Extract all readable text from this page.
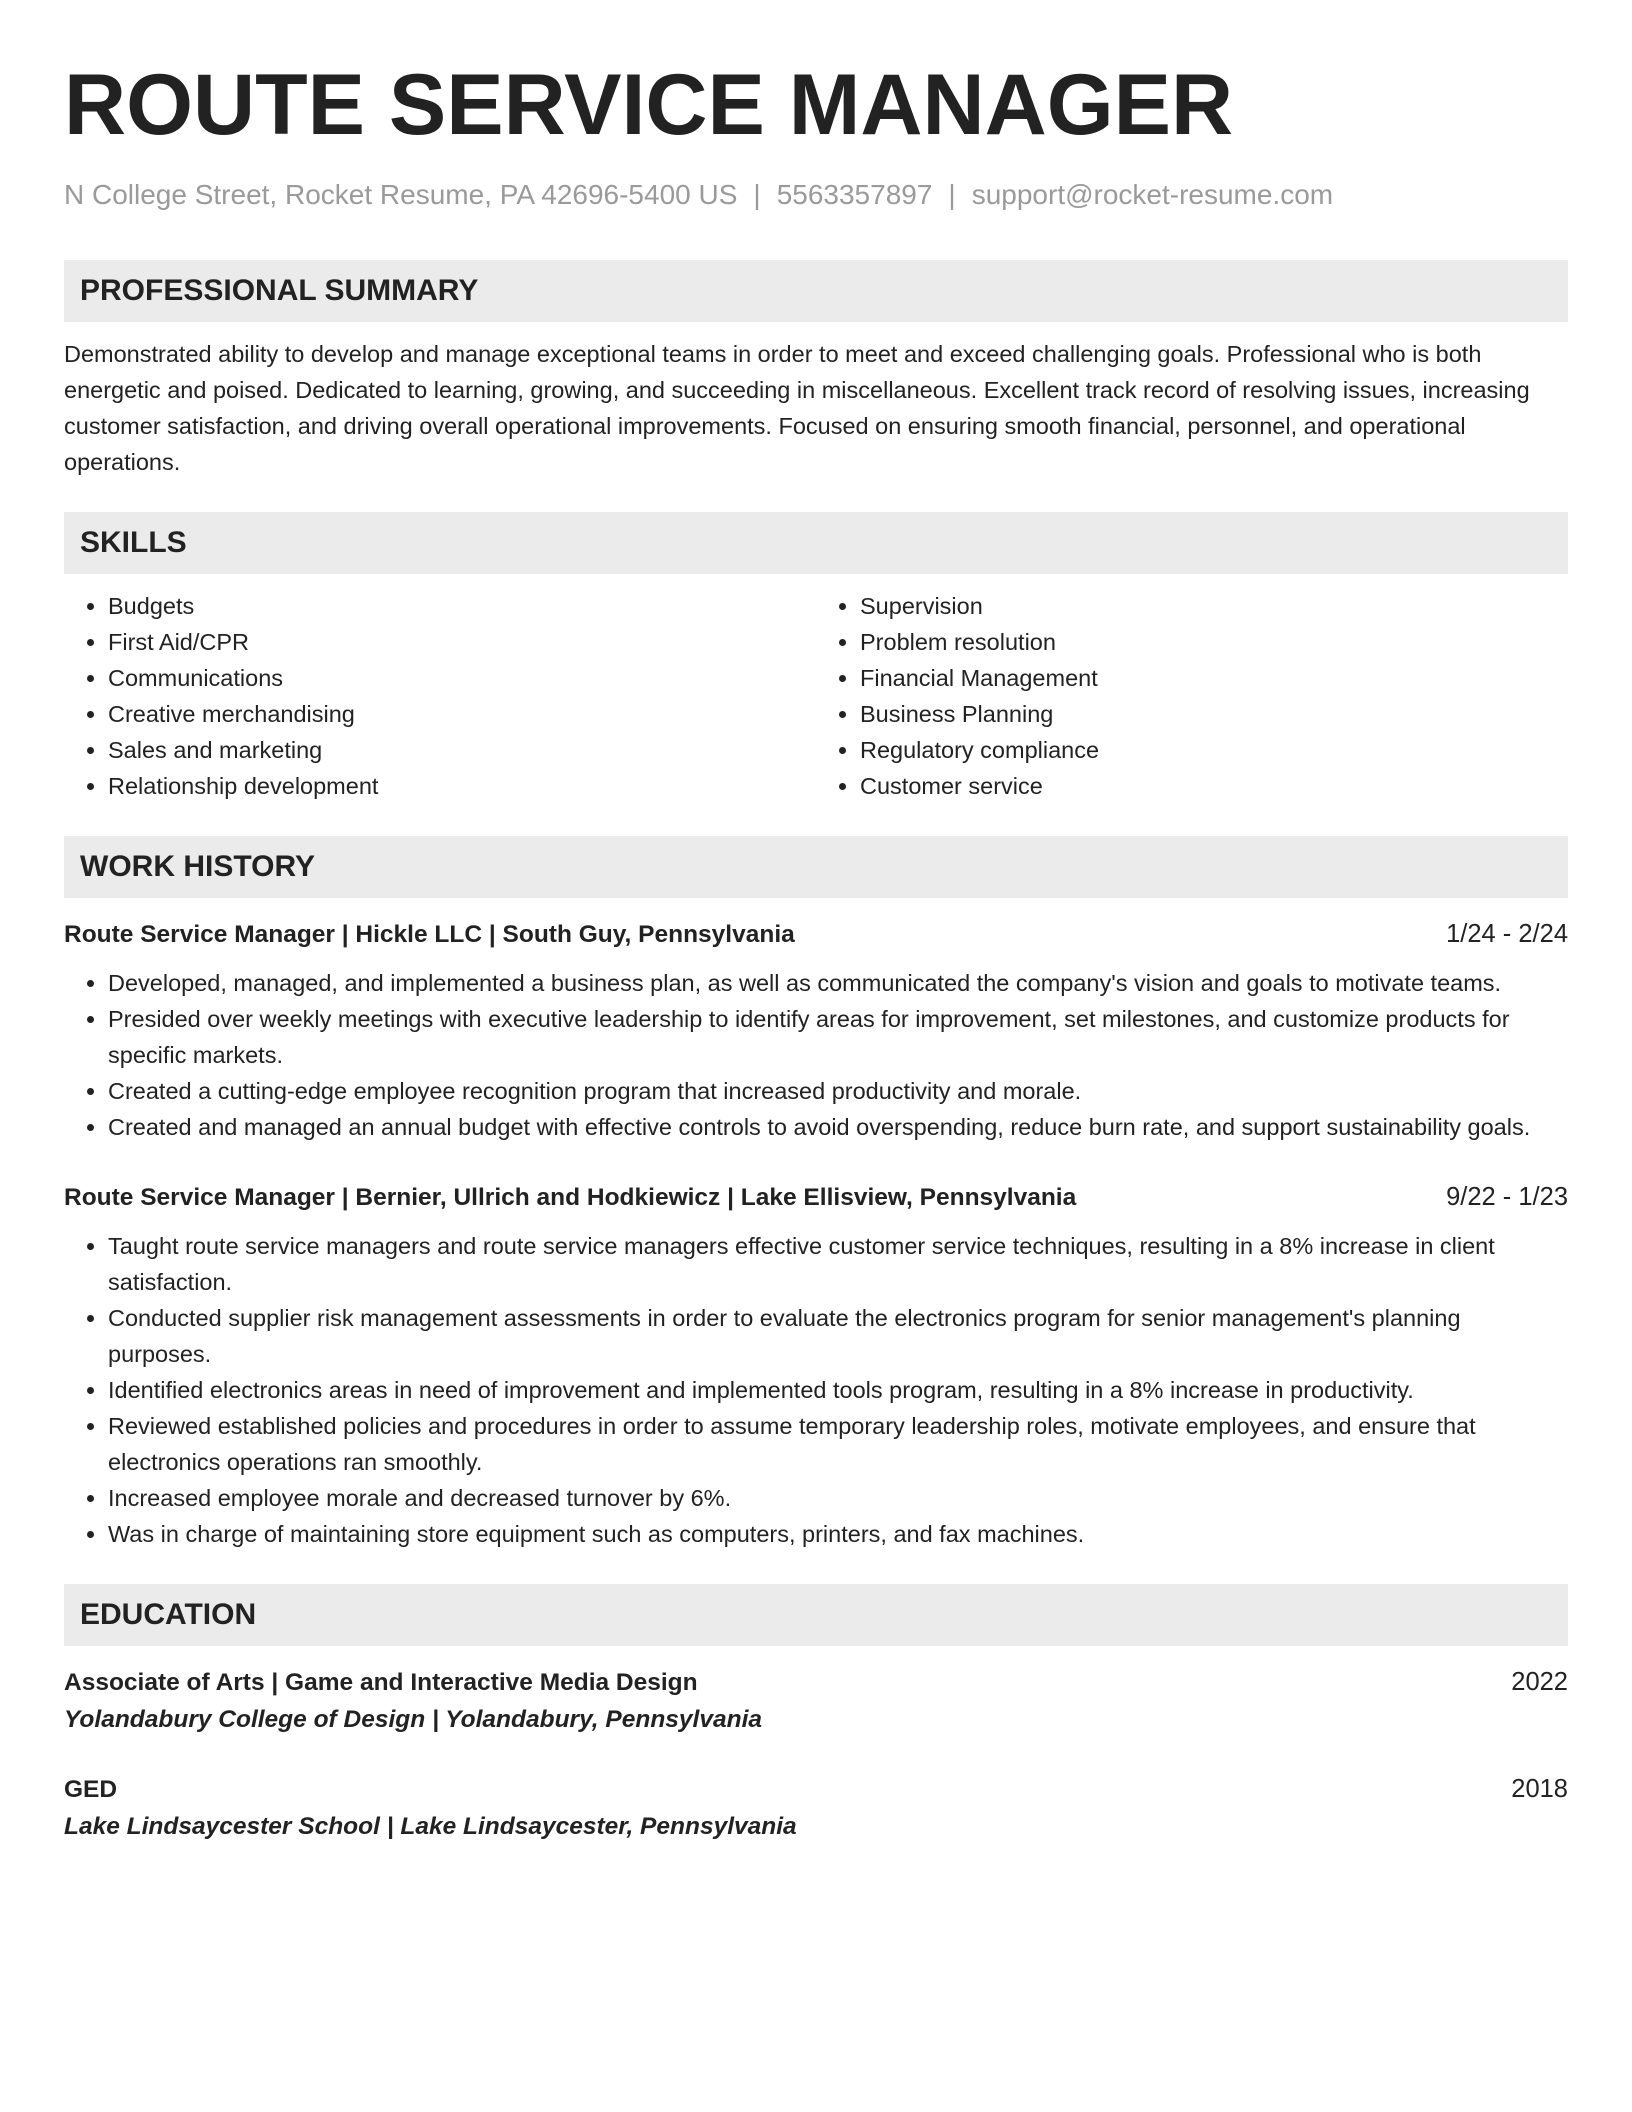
ROUTE SERVICE MANAGER
N College Street, Rocket Resume, PA 42696-5400 US | 5563357897 | support@rocket-resume.com
PROFESSIONAL SUMMARY

Demonstrated ability to develop and manage exceptional teams in order to meet and exceed challenging goals. Professional who is both energetic and poised. Dedicated to learning, growing, and succeeding in miscellaneous. Excellent track record of resolving issues, increasing customer satisfaction, and driving overall operational improvements. Focused on ensuring smooth financial, personnel, and operational operations.

SKILLS
• Budgets
• First Aid/CPR
• Communications
• Creative merchandising
• Sales and marketing
• Relationship development
• Supervision
• Problem resolution
• Financial Management
• Business Planning
• Regulatory compliance
• Customer service
WORK HISTORY
Route Service Manager | Hickle LLC | South Guy, Pennsylvania	1/24 - 2/24
• Developed, managed, and implemented a business plan, as well as communicated the company's vision and goals to motivate teams.
• Presided over weekly meetings with executive leadership to identify areas for improvement, set milestones, and customize products for specific markets.
• Created a cutting-edge employee recognition program that increased productivity and morale.
• Created and managed an annual budget with effective controls to avoid overspending, reduce burn rate, and support sustainability goals.
Route Service Manager | Bernier, Ullrich and Hodkiewicz | Lake Ellisview, Pennsylvania	9/22 - 1/23
• Taught route service managers and route service managers effective customer service techniques, resulting in a 8% increase in client satisfaction.
• Conducted supplier risk management assessments in order to evaluate the electronics program for senior management's planning purposes.
• Identified electronics areas in need of improvement and implemented tools program, resulting in a 8% increase in productivity.
• Reviewed established policies and procedures in order to assume temporary leadership roles, motivate employees, and ensure that electronics operations ran smoothly.
• Increased employee morale and decreased turnover by 6%.
• Was in charge of maintaining store equipment such as computers, printers, and fax machines.
EDUCATION
Associate of Arts | Game and Interactive Media Design	2022
Yolandabury College of Design | Yolandabury, Pennsylvania
GED	2018
Lake Lindsaycester School | Lake Lindsaycester, Pennsylvania
